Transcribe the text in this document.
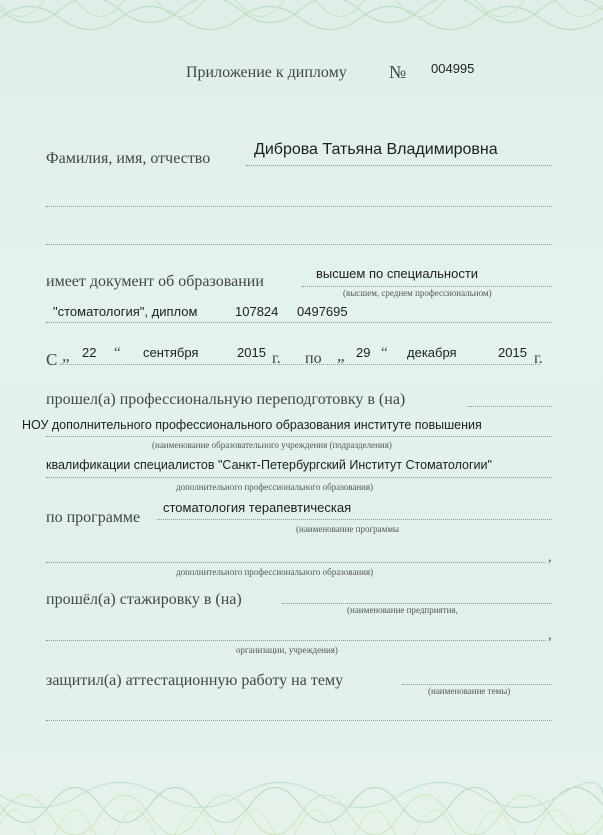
Приложение к диплому № 004995
Фамилия, имя, отчество
Диброва Татьяна Владимировна
имеет документ об образовании	высшем по специальности
(высшем, среднем профессиональном)
"стоматология", диплом	107824 0497695
С „ 22 “ сентября	2015 г. по „ 29 “ декабря	2015 г.
прошел(а) профессиональную переподготовку в (на)
НОУ дополнительного профессионального образования институте повышения
(наименование образовательного учреждения (подразделения)
квалификации специалистов "Санкт-Петербургский Институт Стоматологии"
дополнительного профессионального образования)
по программе
стоматология терапевтическая
(наименование программы
,
дополнительного профессионального образования)
прошёл(а) стажировку в (на)
(наименование предприятия,
,
организации, учреждения)
защитил(а) аттестационную работу на тему
(наименование темы)
